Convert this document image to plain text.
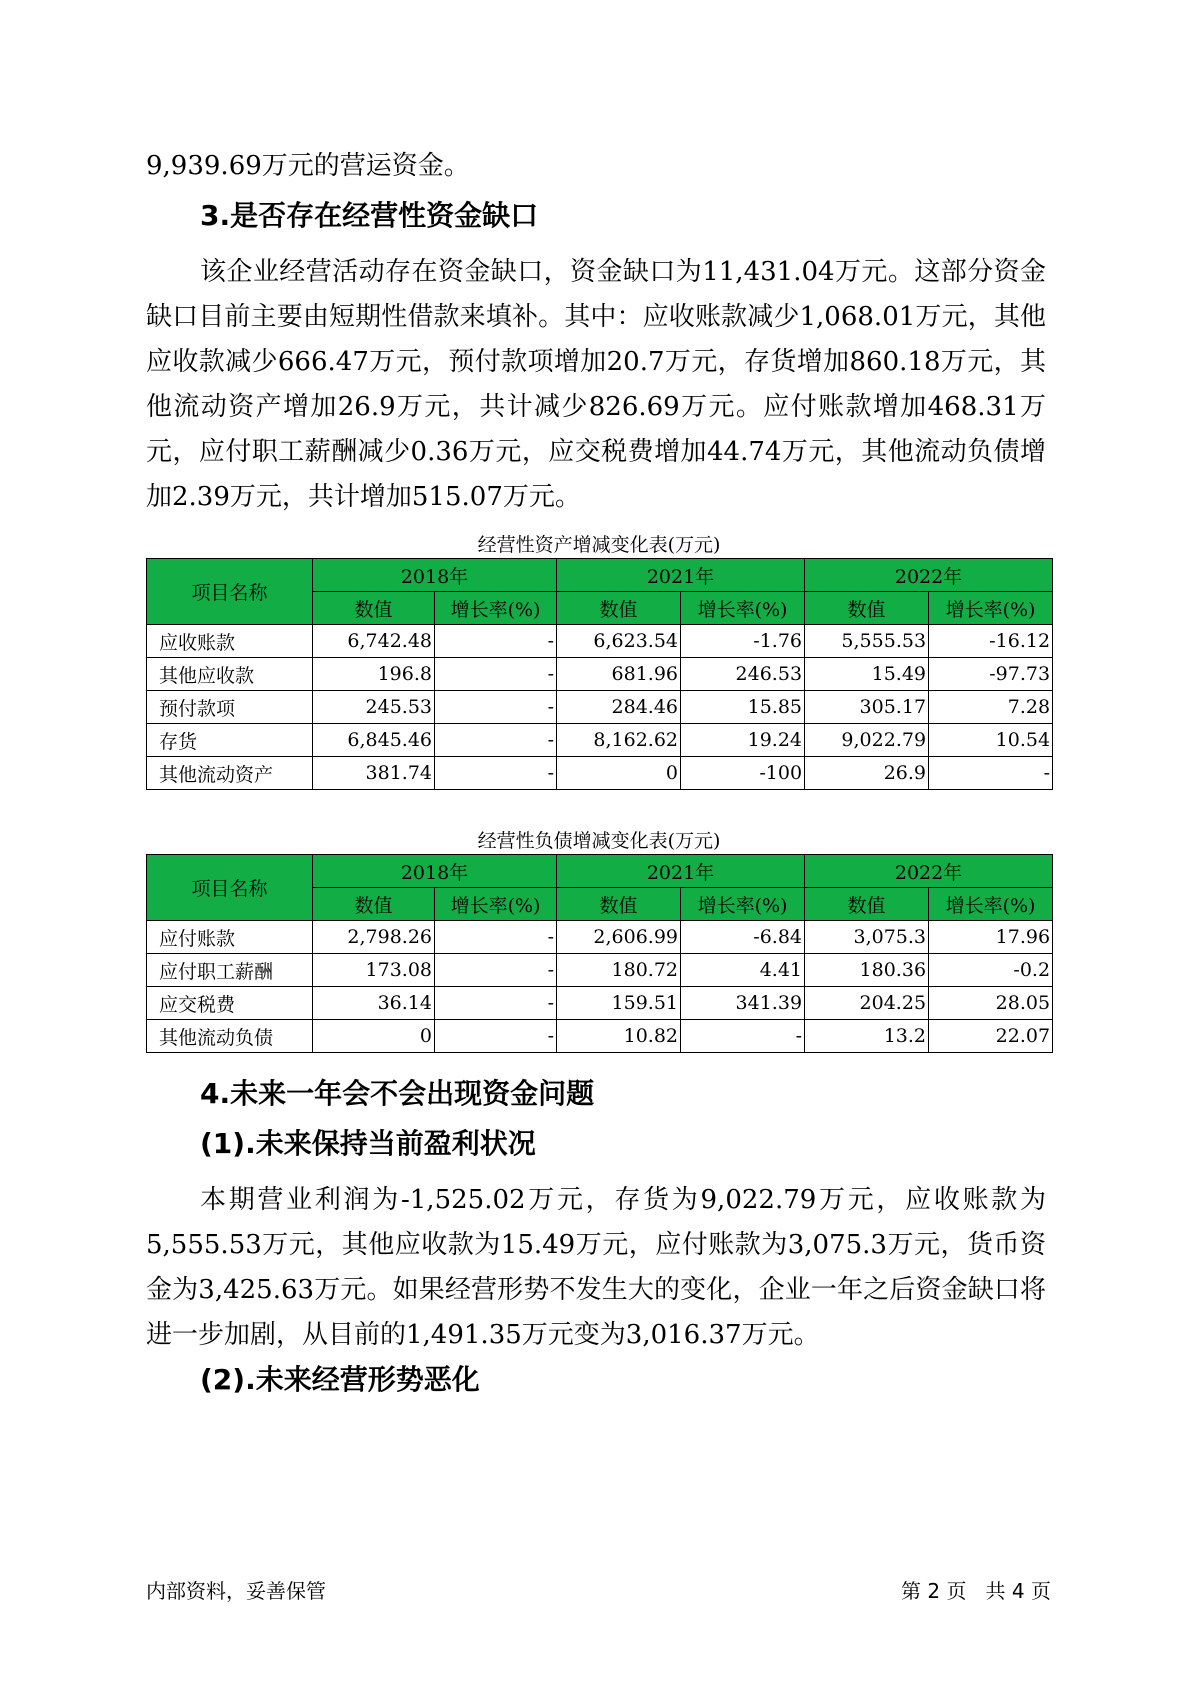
9,939.69万元的营运资金。
3.是否存在经营性资金缺口
该企业经营活动存在资金缺口，资金缺口为11,431.04万元。这部分资金缺口目前主要由短期性借款来填补。其中：应收账款减少1,068.01万元，其他应收款减少666.47万元，预付款项增加20.7万元，存货增加860.18万元，其他流动资产增加26.9万元，共计减少826.69万元。应付账款增加468.31万元，应付职工薪酬减少0.36万元，应交税费增加44.74万元，其他流动负债增加2.39万元，共计增加515.07万元。
经营性资产增减变化表(万元)
项目名称	2018年		2021年		2022年	
	数值	增长率(%)	数值	增长率(%)	数值	增长率(%)
应收账款	6,742.48	-	6,623.54	-1.76	5,555.53	-16.12
其他应收款	196.8	-	681.96	246.53	15.49	-97.73
预付款项	245.53	-	284.46	15.85	305.17	7.28
存货	6,845.46	-	8,162.62	19.24	9,022.79	10.54
其他流动资产	381.74	-	0	-100	26.9	-
经营性负债增减变化表(万元)
项目名称	2018年		2021年		2022年	
	数值	增长率(%)	数值	增长率(%)	数值	增长率(%)
应付账款	2,798.26	-	2,606.99	-6.84	3,075.3	17.96
应付职工薪酬	173.08	-	180.72	4.41	180.36	-0.2
应交税费	36.14	-	159.51	341.39	204.25	28.05
其他流动负债	0	-	10.82	-	13.2	22.07
4.未来一年会不会出现资金问题
(1).未来保持当前盈利状况
本期营业利润为-1,525.02万元，存货为9,022.79万元，应收账款为5,555.53万元，其他应收款为15.49万元，应付账款为3,075.3万元，货币资金为3,425.63万元。如果经营形势不发生大的变化，企业一年之后资金缺口将进一步加剧，从目前的1,491.35万元变为3,016.37万元。
(2).未来经营形势恶化
内部资料，妥善保管	第 2 页   共 4 页
